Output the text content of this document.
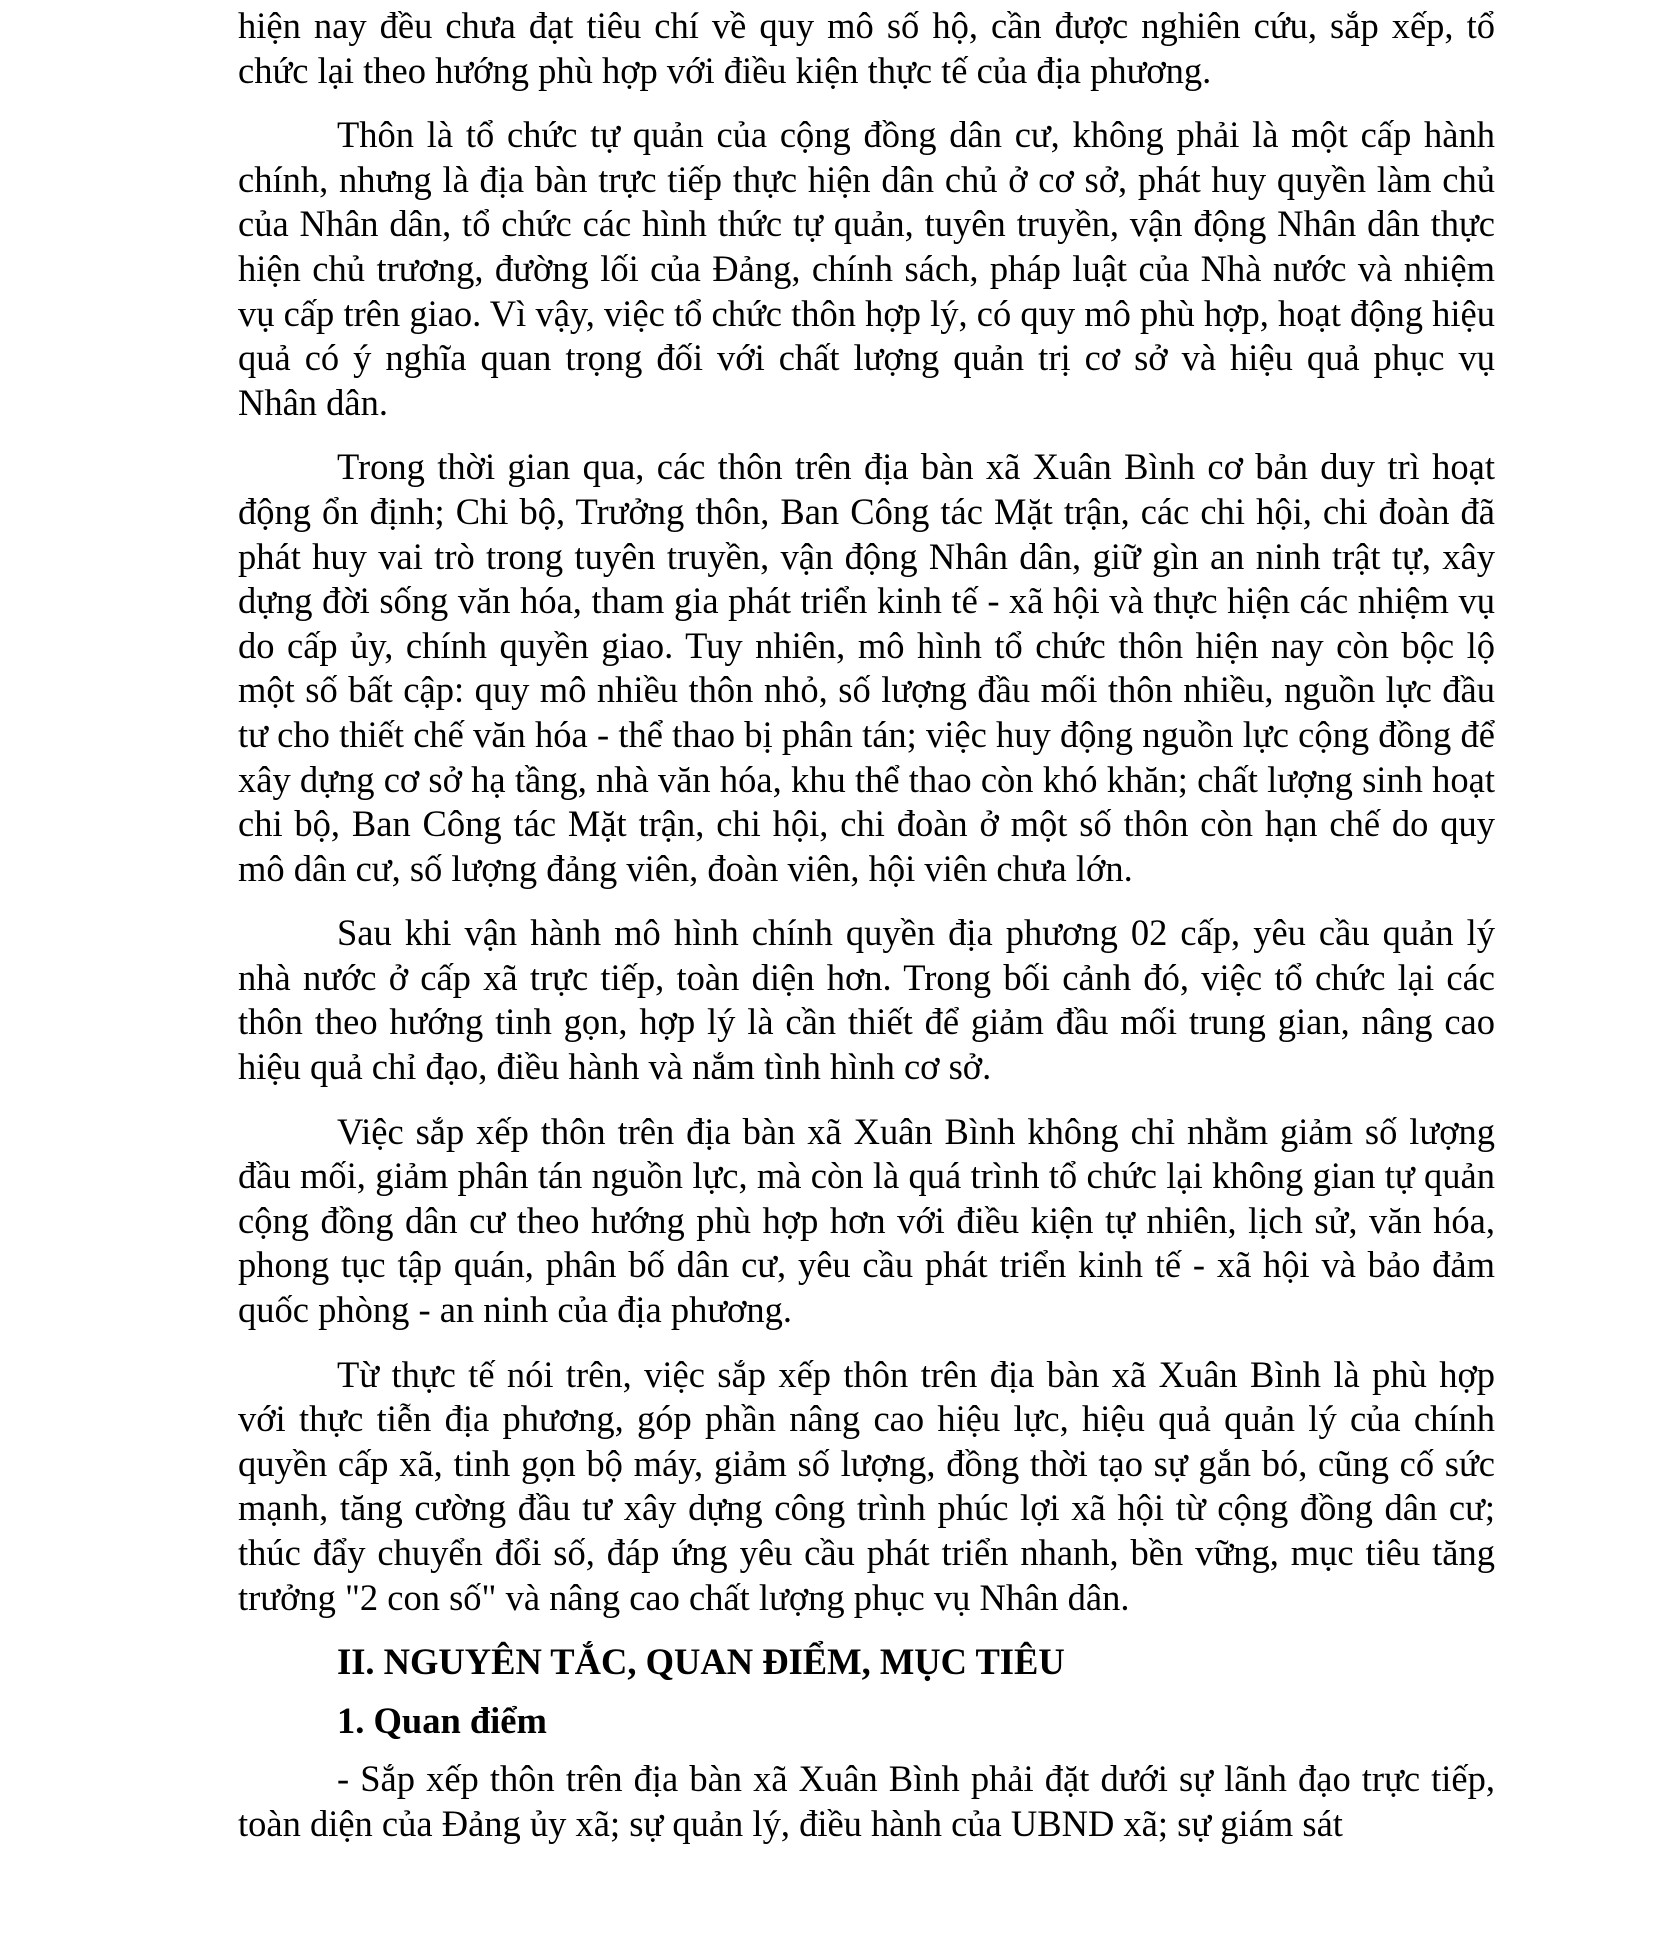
hiện nay đều chưa đạt tiêu chí về quy mô số hộ, cần được nghiên cứu, sắp xếp, tổ chức lại theo hướng phù hợp với điều kiện thực tế của địa phương.

Thôn là tổ chức tự quản của cộng đồng dân cư, không phải là một cấp hành chính, nhưng là địa bàn trực tiếp thực hiện dân chủ ở cơ sở, phát huy quyền làm chủ của Nhân dân, tổ chức các hình thức tự quản, tuyên truyền, vận động Nhân dân thực hiện chủ trương, đường lối của Đảng, chính sách, pháp luật của Nhà nước và nhiệm vụ cấp trên giao. Vì vậy, việc tổ chức thôn hợp lý, có quy mô phù hợp, hoạt động hiệu quả có ý nghĩa quan trọng đối với chất lượng quản trị cơ sở và hiệu quả phục vụ Nhân dân.

Trong thời gian qua, các thôn trên địa bàn xã Xuân Bình cơ bản duy trì hoạt động ổn định; Chi bộ, Trưởng thôn, Ban Công tác Mặt trận, các chi hội, chi đoàn đã phát huy vai trò trong tuyên truyền, vận động Nhân dân, giữ gìn an ninh trật tự, xây dựng đời sống văn hóa, tham gia phát triển kinh tế - xã hội và thực hiện các nhiệm vụ do cấp ủy, chính quyền giao. Tuy nhiên, mô hình tổ chức thôn hiện nay còn bộc lộ một số bất cập: quy mô nhiều thôn nhỏ, số lượng đầu mối thôn nhiều, nguồn lực đầu tư cho thiết chế văn hóa - thể thao bị phân tán; việc huy động nguồn lực cộng đồng để xây dựng cơ sở hạ tầng, nhà văn hóa, khu thể thao còn khó khăn; chất lượng sinh hoạt chi bộ, Ban Công tác Mặt trận, chi hội, chi đoàn ở một số thôn còn hạn chế do quy mô dân cư, số lượng đảng viên, đoàn viên, hội viên chưa lớn.

Sau khi vận hành mô hình chính quyền địa phương 02 cấp, yêu cầu quản lý nhà nước ở cấp xã trực tiếp, toàn diện hơn. Trong bối cảnh đó, việc tổ chức lại các thôn theo hướng tinh gọn, hợp lý là cần thiết để giảm đầu mối trung gian, nâng cao hiệu quả chỉ đạo, điều hành và nắm tình hình cơ sở.

Việc sắp xếp thôn trên địa bàn xã Xuân Bình không chỉ nhằm giảm số lượng đầu mối, giảm phân tán nguồn lực, mà còn là quá trình tổ chức lại không gian tự quản cộng đồng dân cư theo hướng phù hợp hơn với điều kiện tự nhiên, lịch sử, văn hóa, phong tục tập quán, phân bố dân cư, yêu cầu phát triển kinh tế - xã hội và bảo đảm quốc phòng - an ninh của địa phương.

Từ thực tế nói trên, việc sắp xếp thôn trên địa bàn xã Xuân Bình là phù hợp với thực tiễn địa phương, góp phần nâng cao hiệu lực, hiệu quả quản lý của chính quyền cấp xã, tinh gọn bộ máy, giảm số lượng, đồng thời tạo sự gắn bó, cũng cố sức mạnh, tăng cường đầu tư xây dựng công trình phúc lợi xã hội từ cộng đồng dân cư; thúc đẩy chuyển đổi số, đáp ứng yêu cầu phát triển nhanh, bền vững, mục tiêu tăng trưởng "2 con số" và nâng cao chất lượng phục vụ Nhân dân.

II. NGUYÊN TẮC, QUAN ĐIỂM, MỤC TIÊU
1. Quan điểm

- Sắp xếp thôn trên địa bàn xã Xuân Bình phải đặt dưới sự lãnh đạo trực tiếp, toàn diện của Đảng ủy xã; sự quản lý, điều hành của UBND xã; sự giám sát
